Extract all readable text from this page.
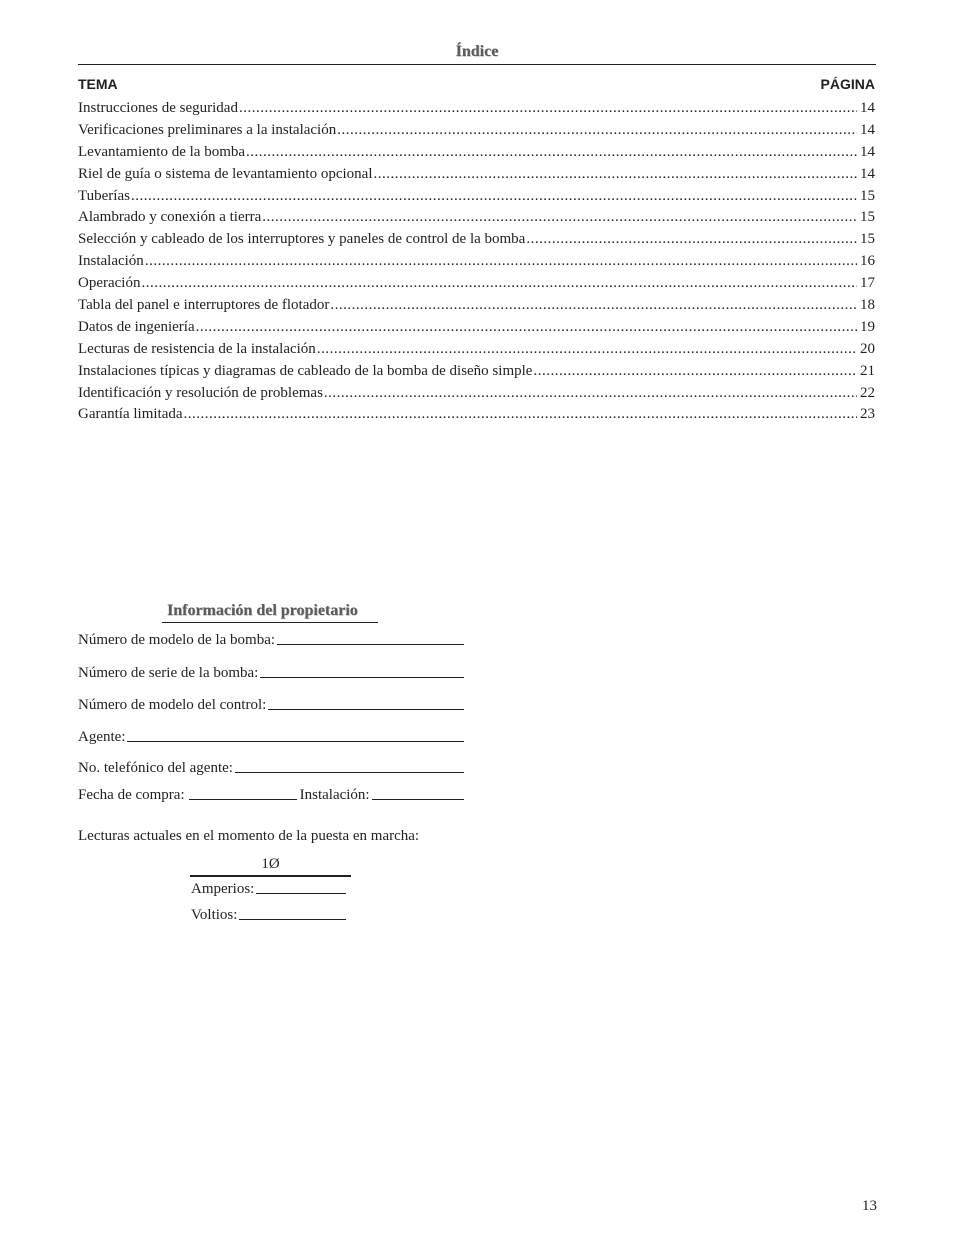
Índice
TEMA	PÁGINA
Instrucciones de seguridad .....	14
Verificaciones preliminares a la instalación .....	14
Levantamiento de la bomba .....	14
Riel de guía o sistema de levantamiento opcional .....	14
Tuberías .....	15
Alambrado y conexión a tierra .....	15
Selección y cableado de los interruptores y paneles de control de la bomba .....	15
Instalación .....	16
Operación .....	17
Tabla del panel e interruptores de flotador .....	18
Datos de ingeniería .....	19
Lecturas de resistencia de la instalación .....	20
Instalaciones típicas y diagramas de cableado de la bomba de diseño simple .....	21
Identificación y resolución de problemas .....	22
Garantía limitada .....	23
Información del propietario
Número de modelo de la bomba:
Número de serie de la bomba:
Número de modelo del control:
Agente:
No. telefónico del agente:
Fecha de compra:	Instalación:
Lecturas actuales en el momento de la puesta en marcha:
1Ø
Amperios:
Voltios:
13
